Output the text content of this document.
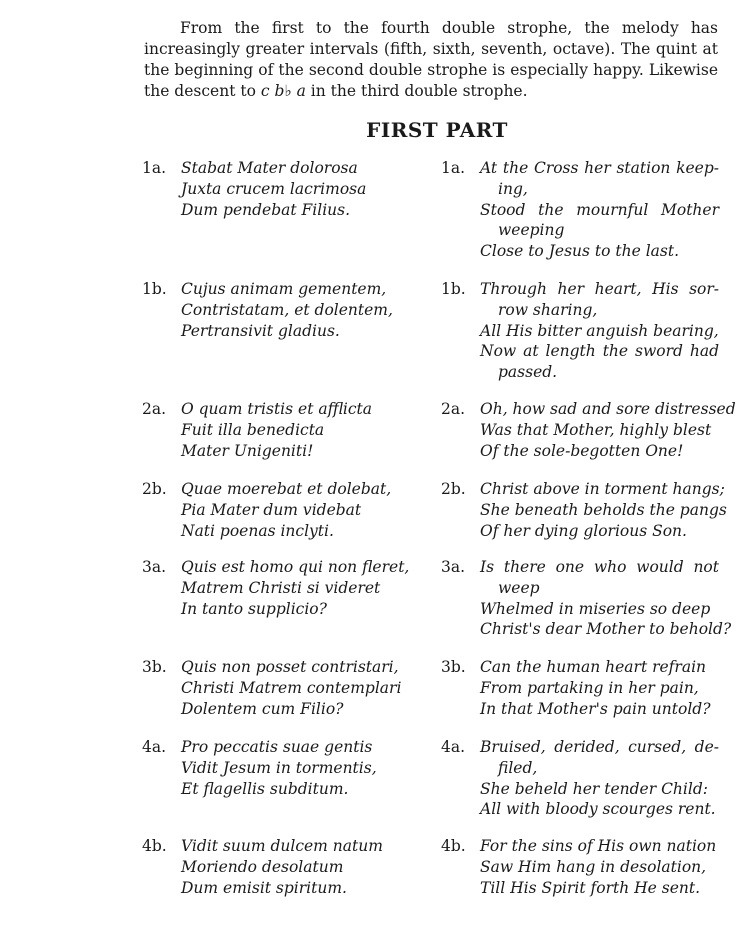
From the first to the fourth double strophe, the melody has increasingly greater intervals (fifth, sixth, seventh, octave). The quint at the beginning of the second double strophe is especially happy. Likewise the descent to c b♭ a in the third double strophe.

FIRST PART
1a. Stabat Mater dolorosa
Juxta crucem lacrimosa
Dum pendebat Filius.
1a. At the Cross her station keep-
ing,
Stood the mournful Mother
weeping
Close to Jesus to the last.
1b. Cujus animam gementem,
Contristatam, et dolentem,
Pertransivit gladius.
1b. Through her heart, His sor-
row sharing,
All His bitter anguish bearing,
Now at length the sword had
passed.
2a. O quam tristis et afflicta
Fuit illa benedicta
Mater Unigeniti!
2a. Oh, how sad and sore distressed
Was that Mother, highly blest
Of the sole-begotten One!
2b. Quae moerebat et dolebat,
Pia Mater dum videbat
Nati poenas inclyti.
2b. Christ above in torment hangs;
She beneath beholds the pangs
Of her dying glorious Son.
3a. Quis est homo qui non fleret,
Matrem Christi si videret
In tanto supplicio?
3a. Is there one who would not
weep
Whelmed in miseries so deep
Christ's dear Mother to behold?
3b. Quis non posset contristari,
Christi Matrem contemplari
Dolentem cum Filio?
3b. Can the human heart refrain
From partaking in her pain,
In that Mother's pain untold?
4a. Pro peccatis suae gentis
Vidit Jesum in tormentis,
Et flagellis subditum.
4a. Bruised, derided, cursed, de-
filed,
She beheld her tender Child:
All with bloody scourges rent.
4b. Vidit suum dulcem natum
Moriendo desolatum
Dum emisit spiritum.
4b. For the sins of His own nation
Saw Him hang in desolation,
Till His Spirit forth He sent.
